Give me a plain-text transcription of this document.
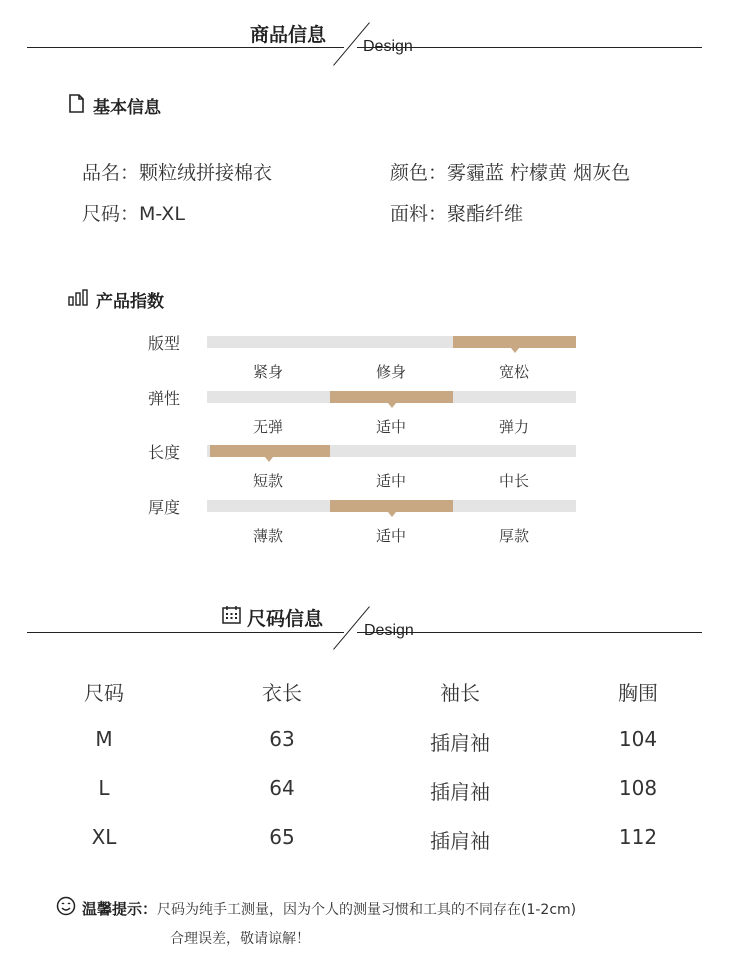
商品信息
Design
基本信息
品名：颗粒绒拼接棉衣	颜色：雾霾蓝 柠檬黄 烟灰色
尺码：M-XL	面料：聚酯纤维
产品指数
版型
紧身	修身	宽松
弹性
无弹	适中	弹力
长度
短款	适中	中长
厚度
薄款	适中	厚款
尺码信息
Design
尺码	衣长	袖长	胸围
M	63	插肩袖	104
L	64	插肩袖	108
XL	65	插肩袖	112
温馨提示：尺码为纯手工测量，因为个人的测量习惯和工具的不同存在(1-2cm)
合理误差，敬请谅解！
